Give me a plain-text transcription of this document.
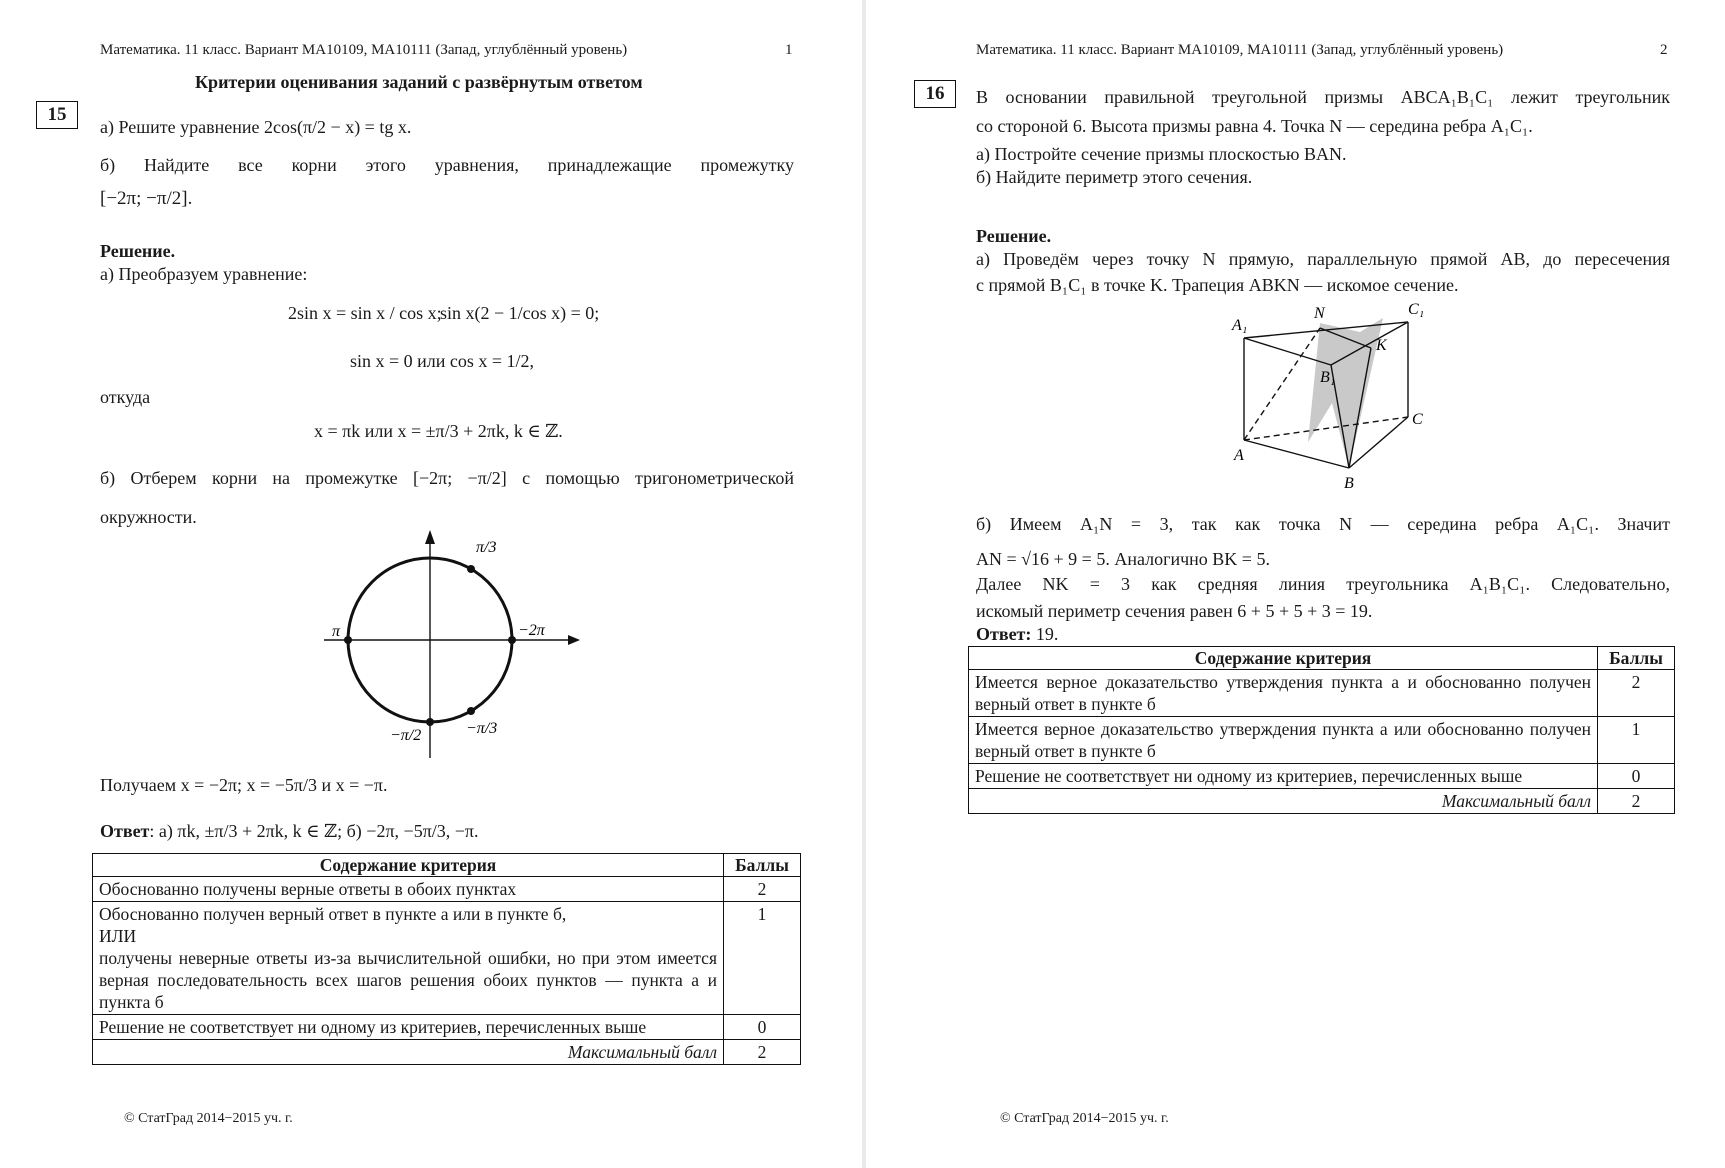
Математика. 11 класс. Вариант МА10109, МА10111 (Запад, углублённый уровень)	1
Критерии оценивания заданий с развёрнутым ответом
15
а) Решите уравнение 2cos(π/2 − x) = tg x.
б) Найдите все корни этого уравнения, принадлежащие промежутку
[−2π; −π/2].
Решение.
а) Преобразуем уравнение:
2sin x = sin x / cos x;
sin x(2 − 1/cos x) = 0;
sin x = 0 или cos x = 1/2,
откуда
x = πk или x = ±π/3 + 2πk, k ∈ ℤ.
б) Отберем корни на промежутке [−2π; −π/2] с помощью тригонометрической
окружности.
π/3
π	−2π
−π/2	−π/3
Получаем x = −2π; x = −5π/3 и x = −π.
Ответ: а) πk, ±π/3 + 2πk, k ∈ ℤ; б) −2π, −5π/3, −π.
Содержание критерия	Баллы
Обоснованно получены верные ответы в обоих пунктах	2

Обоснованно получен верный ответ в пункте а или в пункте б,
ИЛИ
получены неверные ответы из-за вычислительной ошибки, но при этом имеется верная последовательность всех шагов решения обоих пунктов — пункта а и пункта б	1
Решение не соответствует ни одному из критериев, перечисленных выше	0
Максимальный балл	2
© СтатГрад 2014−2015 уч. г.
Математика. 11 класс. Вариант МА10109, МА10111 (Запад, углублённый уровень)	2
16	В основании правильной треугольной призмы ABCA₁B₁C₁ лежит треугольник
со стороной 6. Высота призмы равна 4. Точка N — середина ребра A₁C₁.
а) Постройте сечение призмы плоскостью BAN.
б) Найдите периметр этого сечения.
Решение.
а) Проведём через точку N прямую, параллельную прямой AB, до пересечения
с прямой B₁C₁ в точке K. Трапеция ABKN — искомое сечение.
A₁
N	C₁
B₁
K
C
A
B
б) Имеем A₁N = 3, так как точка N — середина ребра A₁C₁. Значит
AN = √16 + 9 = 5. Аналогично BK = 5.
Далее NK = 3 как средняя линия треугольника A₁B₁C₁. Следовательно,
искомый периметр сечения равен 6 + 5 + 5 + 3 = 19.
Ответ: 19.
Содержание критерия	Баллы
Имеется верное доказательство утверждения пункта а и обоснованно получен верный ответ в пункте б	2
Имеется верное доказательство утверждения пункта а или обоснованно получен верный ответ в пункте б	1
Решение не соответствует ни одному из критериев, перечисленных выше	0
Максимальный балл	2
© СтатГрад 2014−2015 уч. г.
